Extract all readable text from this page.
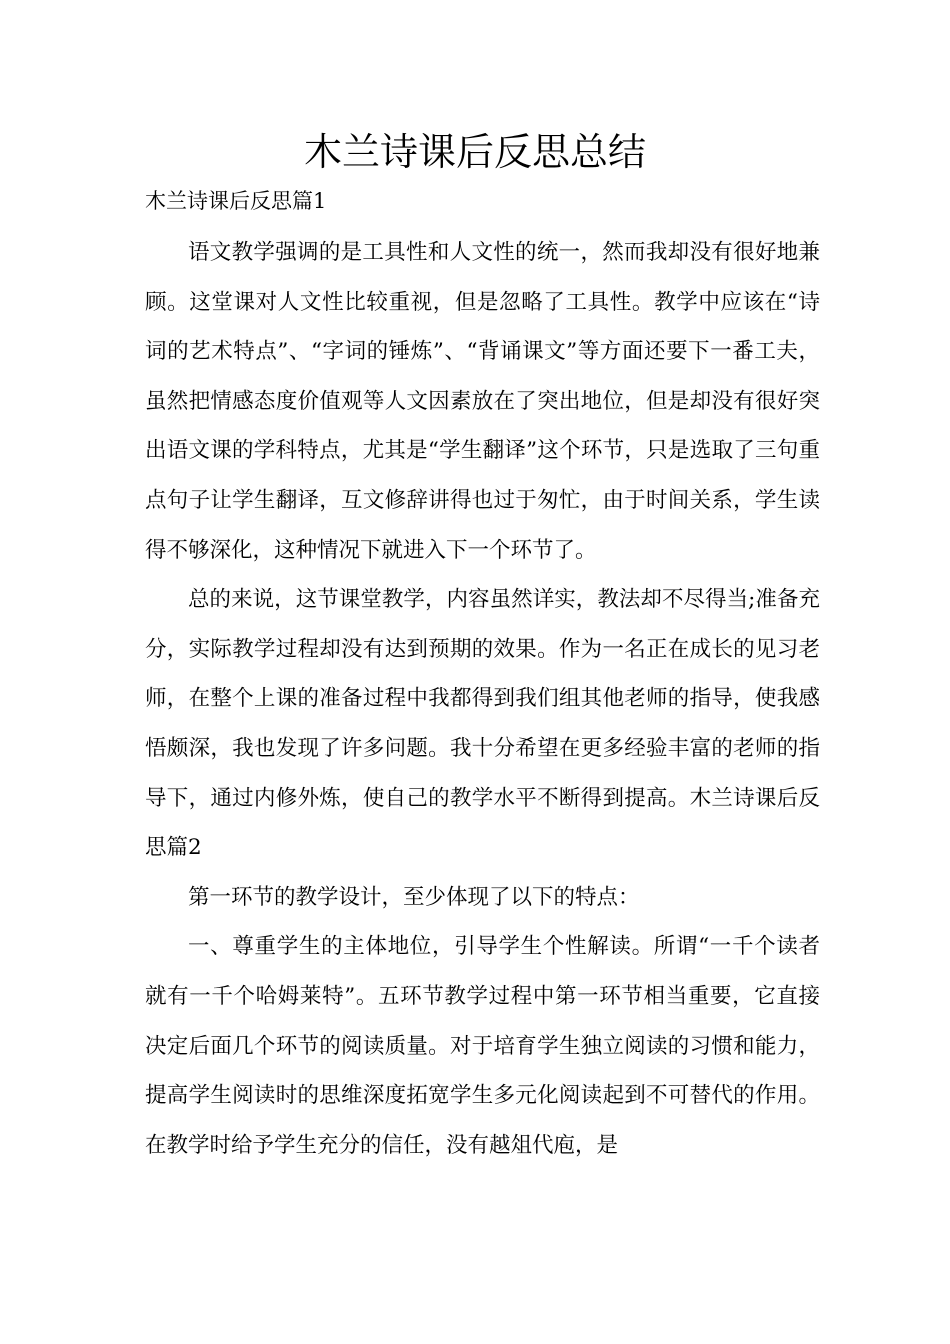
木兰诗课后反思总结

木兰诗课后反思篇1

语文教学强调的是工具性和人文性的统一，然而我却没有很好地兼顾。这堂课对人文性比较重视，但是忽略了工具性。教学中应该在“诗词的艺术特点”、“字词的锤炼”、“背诵课文”等方面还要下一番工夫，虽然把情感态度价值观等人文因素放在了突出地位，但是却没有很好突出语文课的学科特点，尤其是“学生翻译”这个环节，只是选取了三句重点句子让学生翻译，互文修辞讲得也过于匆忙，由于时间关系，学生读得不够深化，这种情况下就进入下一个环节了。

总的来说，这节课堂教学，内容虽然详实，教法却不尽得当;准备充分，实际教学过程却没有达到预期的效果。作为一名正在成长的见习老师，在整个上课的准备过程中我都得到我们组其他老师的指导，使我感悟颇深，我也发现了许多问题。我十分希望在更多经验丰富的老师的指导下，通过内修外炼，使自己的教学水平不断得到提高。木兰诗课后反思篇2

第一环节的教学设计，至少体现了以下的特点：

一、尊重学生的主体地位，引导学生个性解读。所谓“一千个读者就有一千个哈姆莱特”。五环节教学过程中第一环节相当重要，它直接决定后面几个环节的阅读质量。对于培育学生独立阅读的习惯和能力，提高学生阅读时的思维深度拓宽学生多元化阅读起到不可替代的作用。在教学时给予学生充分的信任，没有越俎代庖，是
